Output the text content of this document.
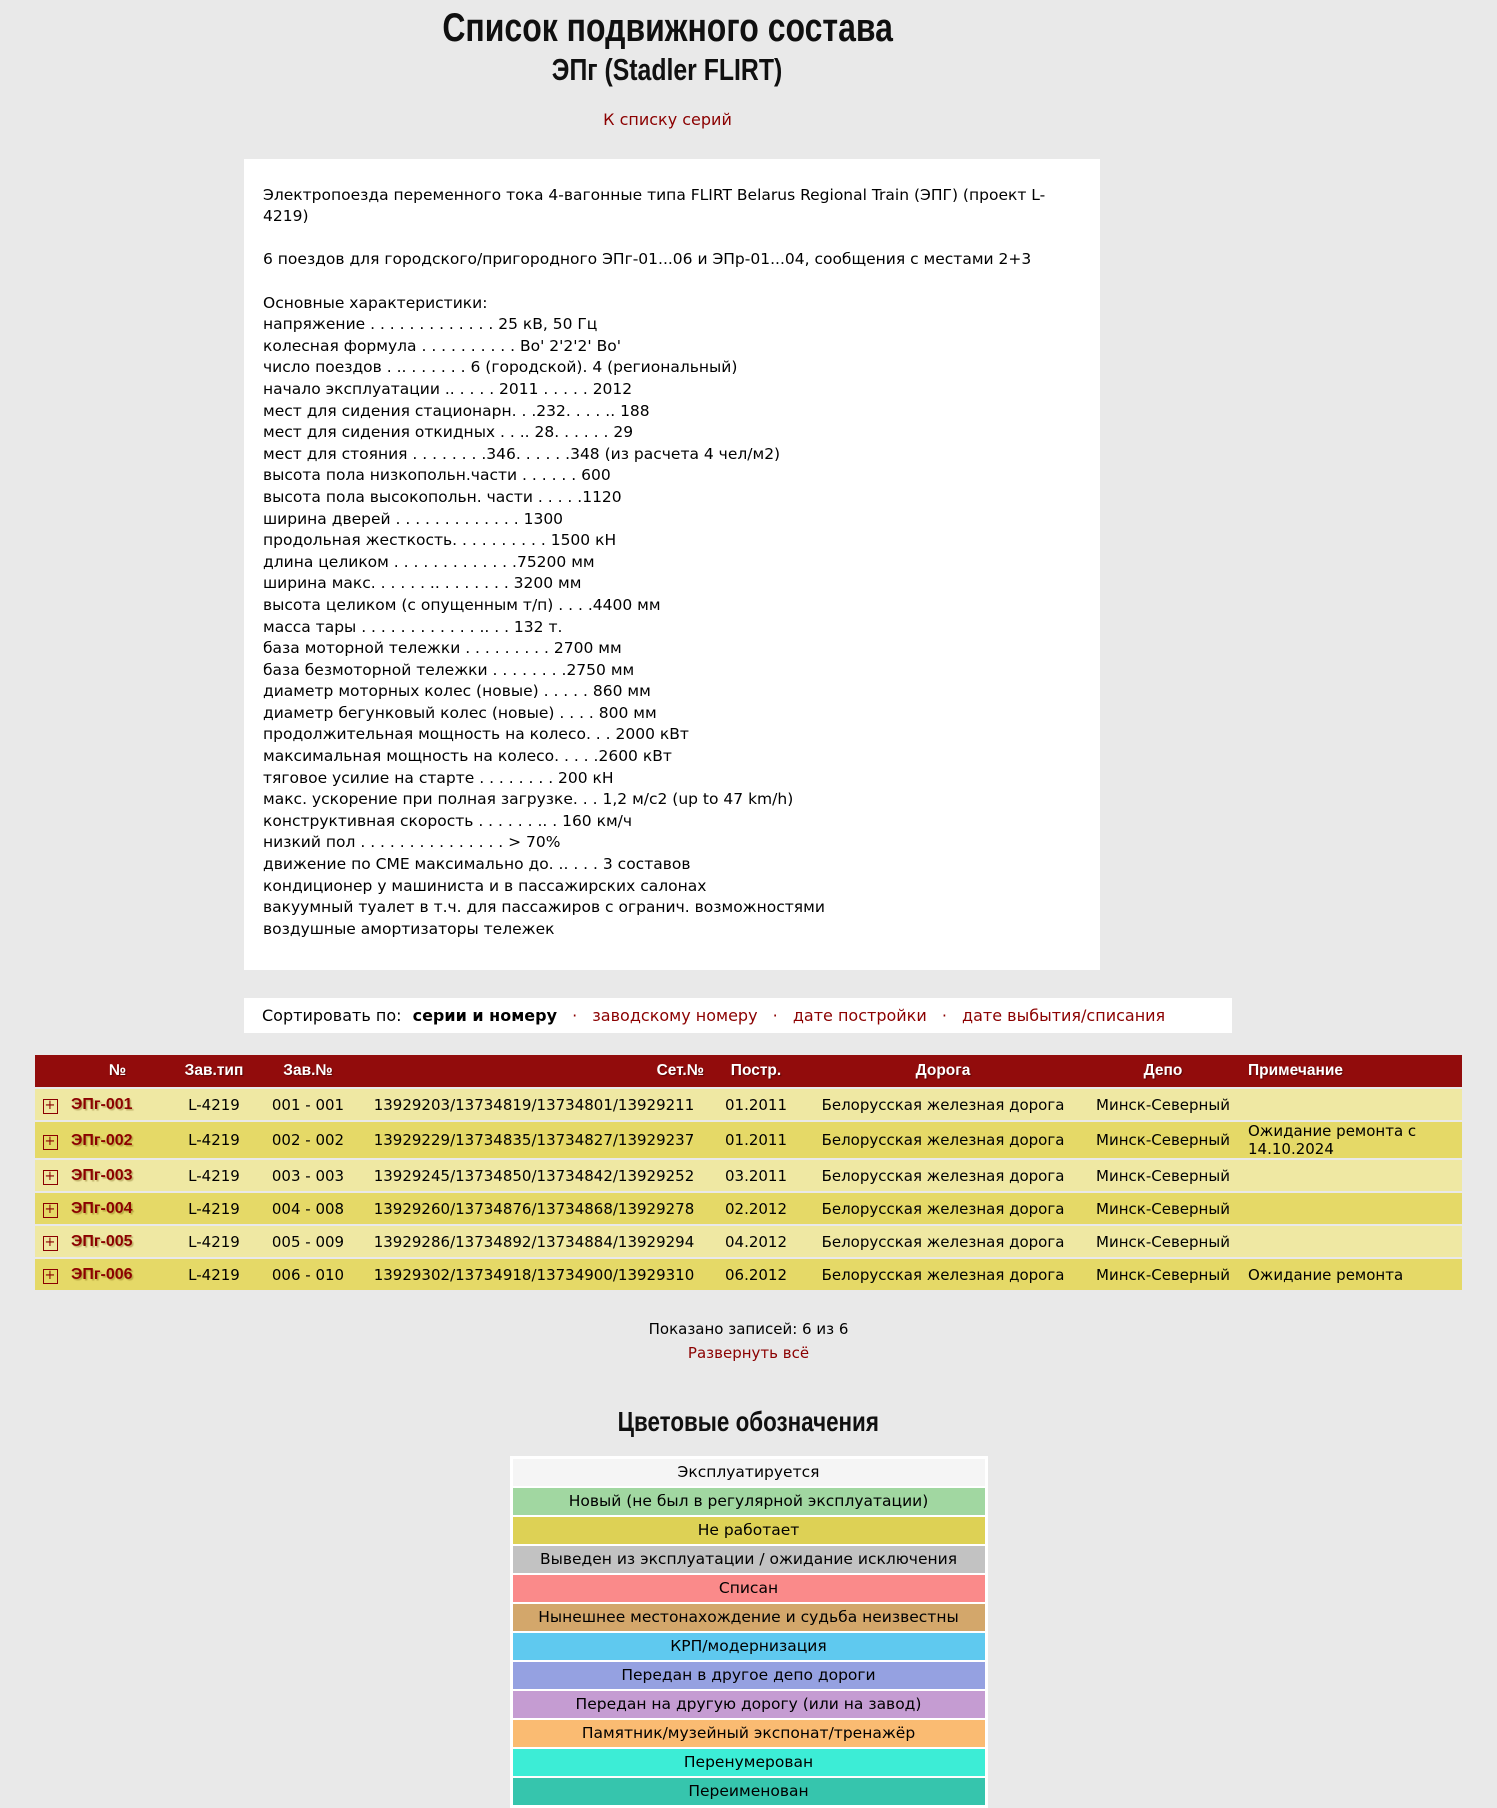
Список подвижного состава
ЭПг (Stadler FLIRT)
К списку серий

Электропоезда переменного тока 4-вагонные типа FLIRT Belarus Regional Train (ЭПГ) (проект L-4219)

6 поездов для городского/пригородного ЭПг-01...06 и ЭПр-01...04, сообщения с местами 2+3

Основные характеристики:
напряжение . . . . . . . . . . . . . 25 кВ, 50 Гц
колесная формула . . . . . . . . . . Во' 2'2'2' Во'
число поездов . .. . . . . . . 6 (городской). 4 (региональный)
начало эксплуатации .. . . . . 2011 . . . . . 2012
мест для сидения стационарн. . .232. . . . .. 188
мест для сидения откидных . . .. 28. . . . . . 29
мест для стояния . . . . . . . .346. . . . . .348 (из расчета 4 чел/м2)
высота пола низкопольн.части . . . . . . 600
высота пола высокопольн. части . . . . .1120
ширина дверей . . . . . . . . . . . . . 1300
продольная жесткость. . . . . . . . . . 1500 кН
длина целиком . . . . . . . . . . . . .75200 мм
ширина макс. . . . . . .. . . . . . . . 3200 мм
высота целиком (с опущенным т/п) . . . .4400 мм
масса тары . . . . . . . . . . . . .. . . 132 т.
база моторной тележки . . . . . . . . . 2700 мм
база безмоторной тележки . . . . . . . .2750 мм
диаметр моторных колес (новые) . . . . . 860 мм
диаметр бегунковый колес (новые) . . . . 800 мм
продолжительная мощность на колесо. . . 2000 кВт
максимальная мощность на колесо. . . . .2600 кВт
тяговое усилие на старте . . . . . . . . 200 кН
макс. ускорение при полная загрузке. . . 1,2 м/с2 (up to 47 km/h)
конструктивная скорость . . . . . . .. . 160 км/ч
низкий пол . . . . . . . . . . . . . . . > 70%
движение по СМЕ максимально до. .. . . . 3 составов
кондиционер у машиниста и в пассажирских салонах
вакуумный туалет в т.ч. для пассажиров с огранич. возможностями
воздушные амортизаторы тележек
Сортировать по: серии и номеру · заводскому номеру · дате постройки · дате выбытия/списания
	№	Зав.тип	Зав.№	Сет.№	Постр.	Дорога	Депо	Примечание
+	ЭПг-001	L-4219	001 - 001	13929203/13734819/13734801/13929211	01.2011	Белорусская железная дорога	Минск-Северный	
+	ЭПг-002	L-4219	002 - 002	13929229/13734835/13734827/13929237	01.2011	Белорусская железная дорога	Минск-Северный	Ожидание ремонта с 14.10.2024
+	ЭПг-003	L-4219	003 - 003	13929245/13734850/13734842/13929252	03.2011	Белорусская железная дорога	Минск-Северный	
+	ЭПг-004	L-4219	004 - 008	13929260/13734876/13734868/13929278	02.2012	Белорусская железная дорога	Минск-Северный	
+	ЭПг-005	L-4219	005 - 009	13929286/13734892/13734884/13929294	04.2012	Белорусская железная дорога	Минск-Северный	
+	ЭПг-006	L-4219	006 - 010	13929302/13734918/13734900/13929310	06.2012	Белорусская железная дорога	Минск-Северный	Ожидание ремонта
Показано записей: 6 из 6
Развернуть всё
Цветовые обозначения
Эксплуатируется
Новый (не был в регулярной эксплуатации)
Не работает
Выведен из эксплуатации / ожидание исключения
Списан
Нынешнее местонахождение и судьба неизвестны
КРП/модернизация
Передан в другое депо дороги
Передан на другую дорогу (или на завод)
Памятник/музейный экспонат/тренажёр
Перенумерован
Переименован
